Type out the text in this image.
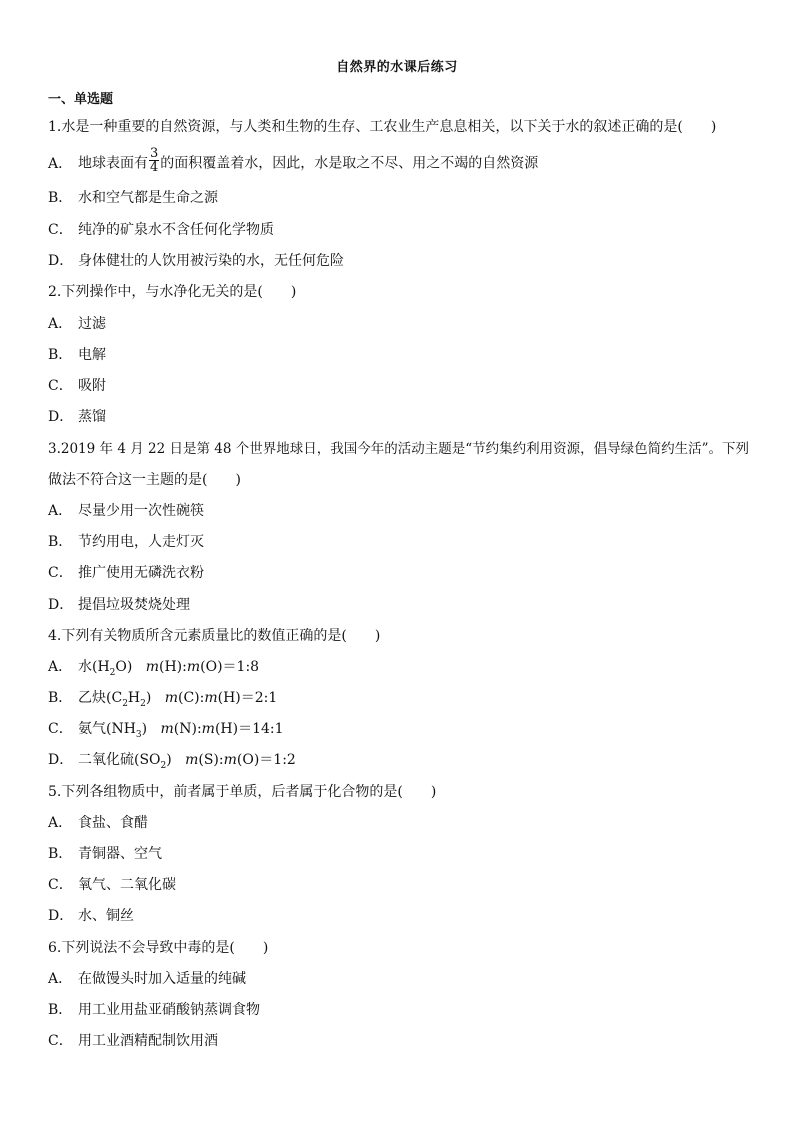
自然界的水课后练习
一、单选题
1.水是一种重要的自然资源，与人类和生物的生存、工农业生产息息相关，以下关于水的叙述正确的是(　　)
A． 地球表面有 $\frac{3}{4}$ 的面积覆盖着水，因此，水是取之不尽、用之不竭的自然资源
B． 水和空气都是生命之源
C． 纯净的矿泉水不含任何化学物质
D． 身体健壮的人饮用被污染的水，无任何危险
2.下列操作中，与水净化无关的是(　　)
A． 过滤
B． 电解
C． 吸附
D． 蒸馏
3.2019 年 4 月 22 日是第 48 个世界地球日，我国今年的活动主题是“节约集约利用资源，倡导绿色简约生活”。下列
做法不符合这一主题的是(　　)
A． 尽量少用一次性碗筷
B． 节约用电，人走灯灭
C． 推广使用无磷洗衣粉
D． 提倡垃圾焚烧处理
4.下列有关物质所含元素质量比的数值正确的是(　　)
A． 水$(H_2O)$ m(H):m(O)＝1:8
B． 乙炔$(C_2H_2)$ m(C):m(H)＝2:1
C． 氨气$(NH_3)$ m(N):m(H)＝14:1
D． 二氧化硫$(SO_2)$ m(S):m(O)＝1:2
5.下列各组物质中，前者属于单质，后者属于化合物的是(　　)
A． 食盐、食醋
B． 青铜器、空气
C． 氧气、二氧化碳
D． 水、铜丝
6.下列说法不会导致中毒的是(　　)
A． 在做馒头时加入适量的纯碱
B． 用工业用盐亚硝酸钠蒸调食物
C． 用工业酒精配制饮用酒
